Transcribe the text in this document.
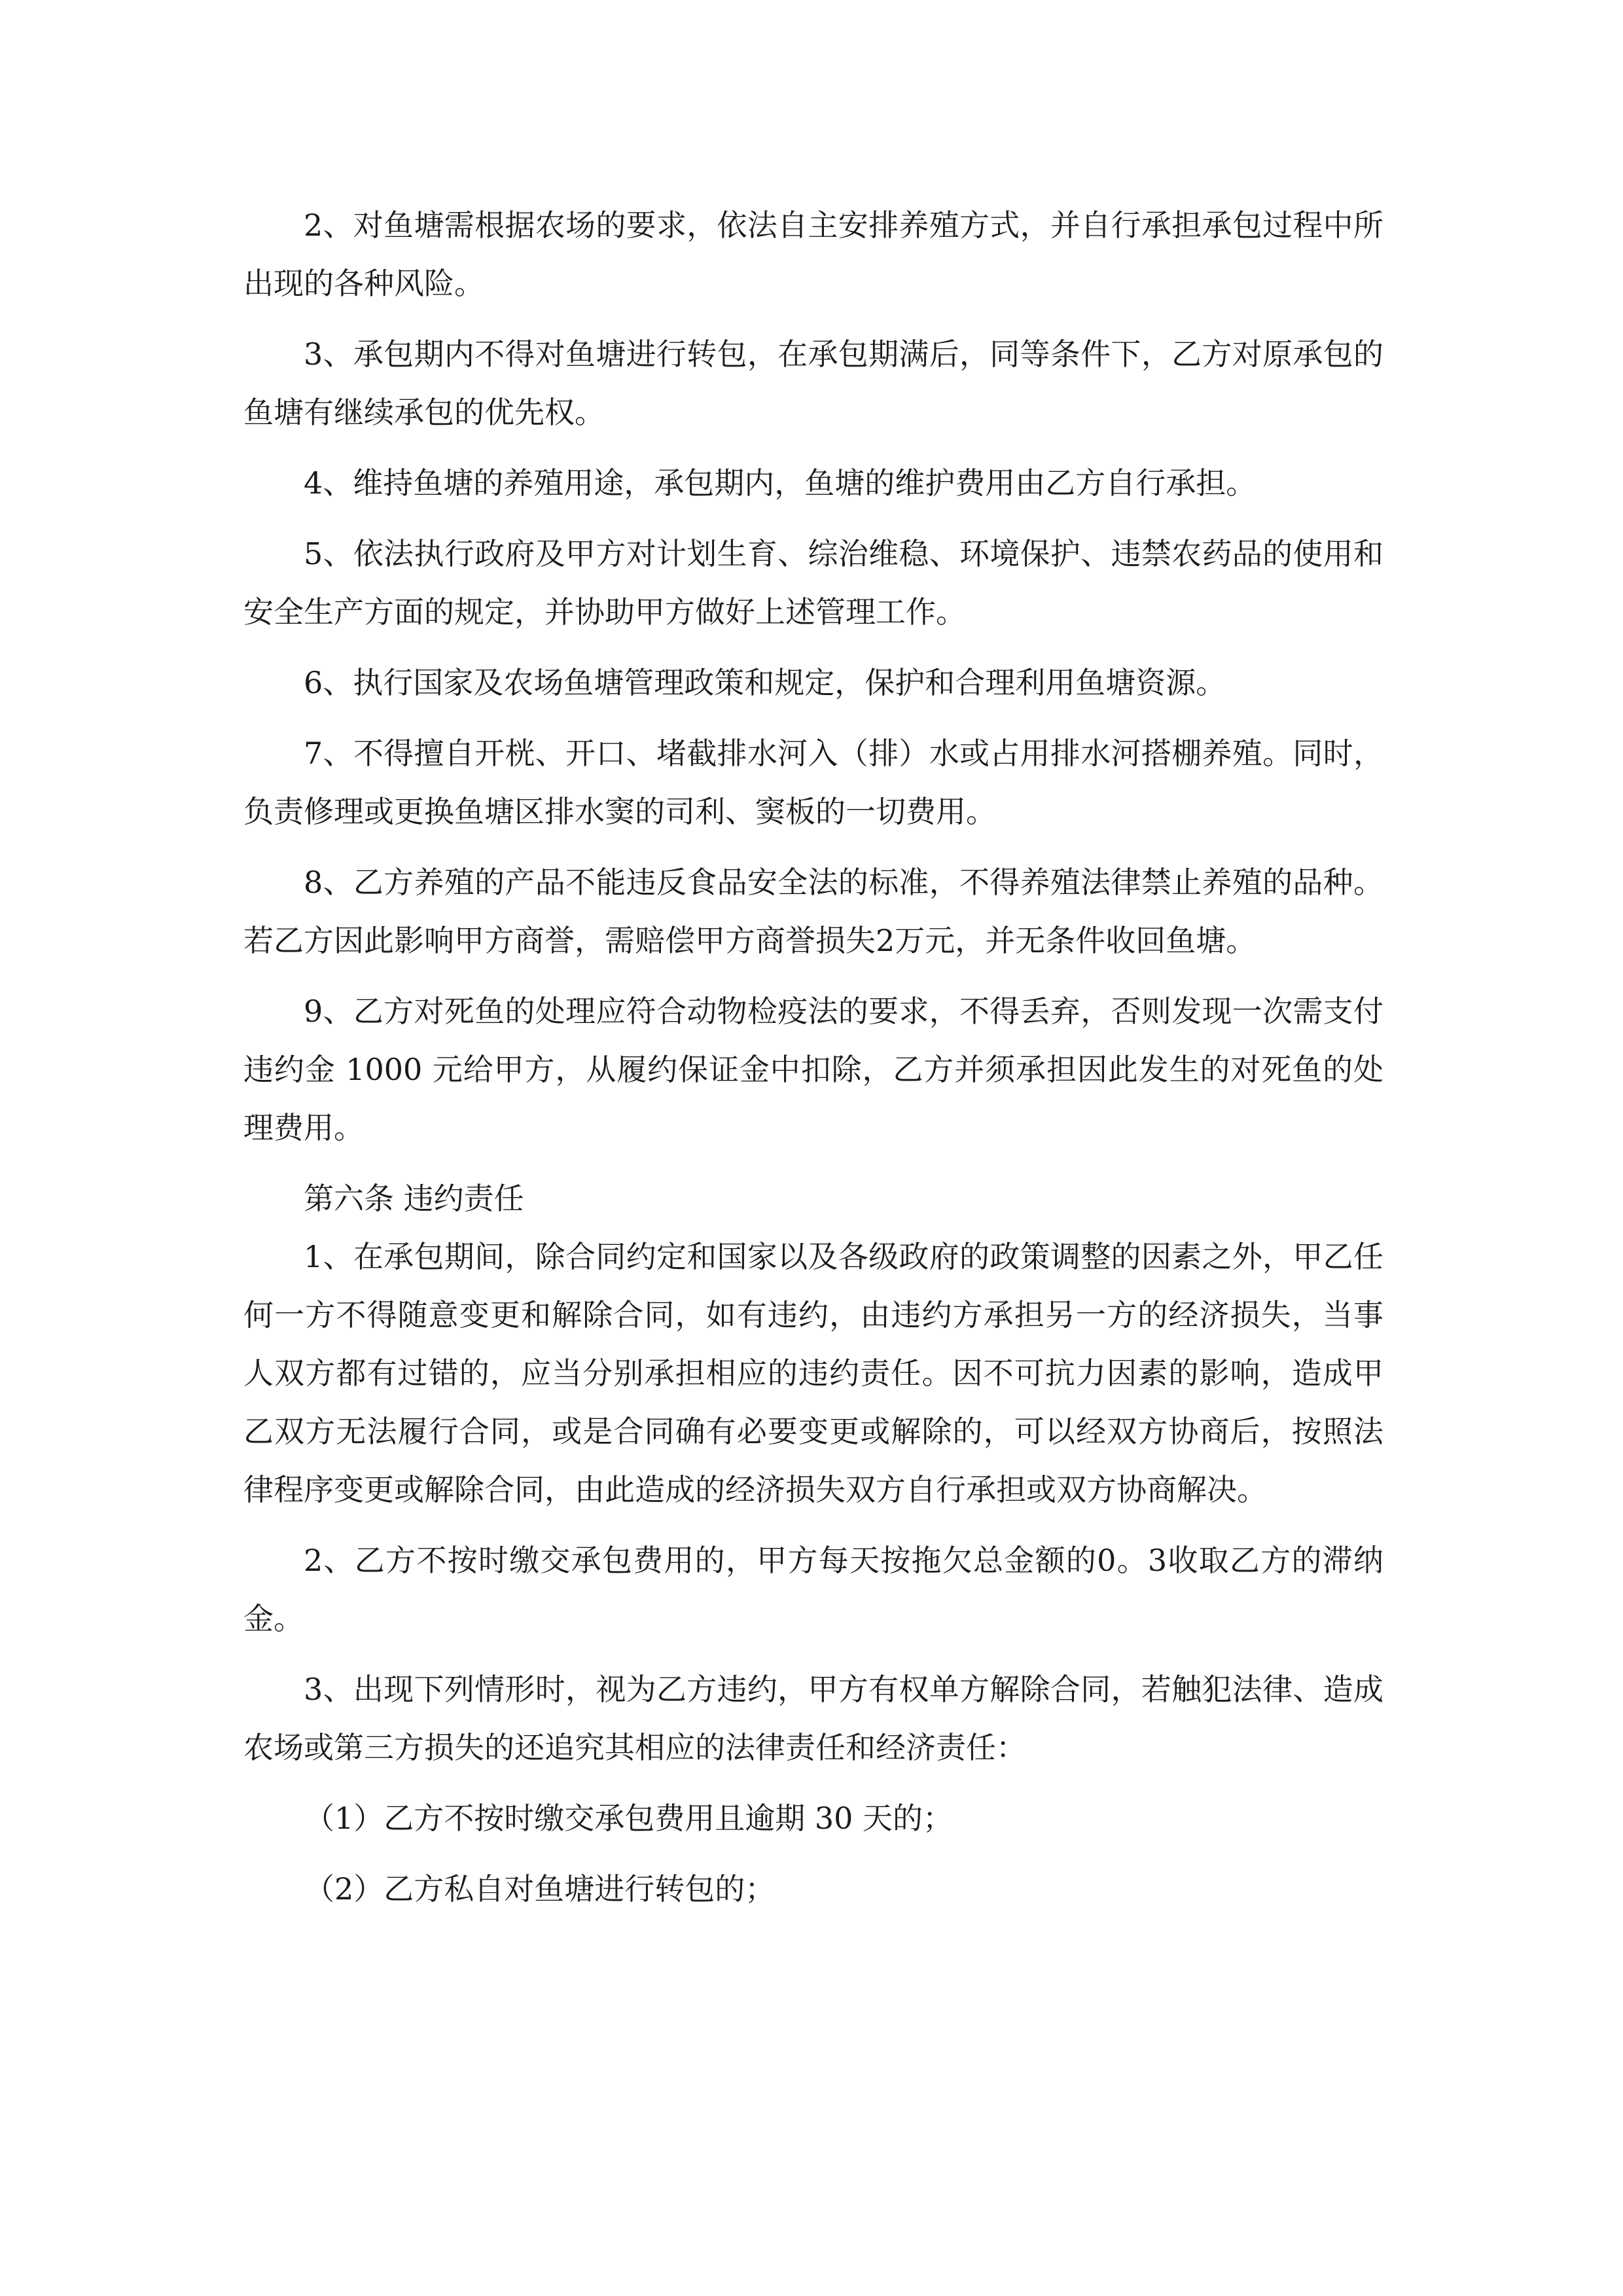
2、对鱼塘需根据农场的要求，依法自主安排养殖方式，并自行承担承包过程中所出现的各种风险。

3、承包期内不得对鱼塘进行转包，在承包期满后，同等条件下，乙方对原承包的鱼塘有继续承包的优先权。

4、维持鱼塘的养殖用途，承包期内，鱼塘的维护费用由乙方自行承担。

5、依法执行政府及甲方对计划生育、综治维稳、环境保护、违禁农药品的使用和安全生产方面的规定，并协助甲方做好上述管理工作。

6、执行国家及农场鱼塘管理政策和规定，保护和合理利用鱼塘资源。

7、不得擅自开桄、开口、堵截排水河入（排）水或占用排水河搭棚养殖。同时，负责修理或更换鱼塘区排水窦的司利、窦板的一切费用。

8、乙方养殖的产品不能违反食品安全法的标准，不得养殖法律禁止养殖的品种。若乙方因此影响甲方商誉，需赔偿甲方商誉损失2万元，并无条件收回鱼塘。

9、乙方对死鱼的处理应符合动物检疫法的要求，不得丢弃，否则发现一次需支付违约金 1000 元给甲方，从履约保证金中扣除，乙方并须承担因此发生的对死鱼的处理费用。

第六条 违约责任

1、在承包期间，除合同约定和国家以及各级政府的政策调整的因素之外，甲乙任何一方不得随意变更和解除合同，如有违约，由违约方承担另一方的经济损失，当事人双方都有过错的，应当分别承担相应的违约责任。因不可抗力因素的影响，造成甲乙双方无法履行合同，或是合同确有必要变更或解除的，可以经双方协商后，按照法律程序变更或解除合同，由此造成的经济损失双方自行承担或双方协商解决。

2、乙方不按时缴交承包费用的，甲方每天按拖欠总金额的0。3收取乙方的滞纳金。

3、出现下列情形时，视为乙方违约，甲方有权单方解除合同，若触犯法律、造成农场或第三方损失的还追究其相应的法律责任和经济责任：

（1）乙方不按时缴交承包费用且逾期 30 天的；

（2）乙方私自对鱼塘进行转包的；
